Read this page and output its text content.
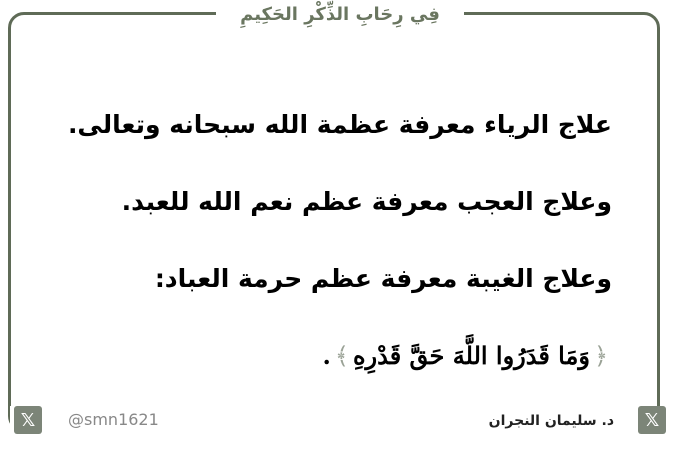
فِي رِحَابِ الذِّكْرِ الحَكِيمِ
علاج الرياء معرفة عظمة الله سبحانه وتعالى.
وعلاج العجب معرفة عظم نعم الله للعبد.
وعلاج الغيبة معرفة عظم حرمة العباد:
﴿وَمَا قَدَرُوا اللَّهَ حَقَّ قَدْرِهِ﴾.
𝕏	@smn1621	د. سليمان النجران	𝕏
